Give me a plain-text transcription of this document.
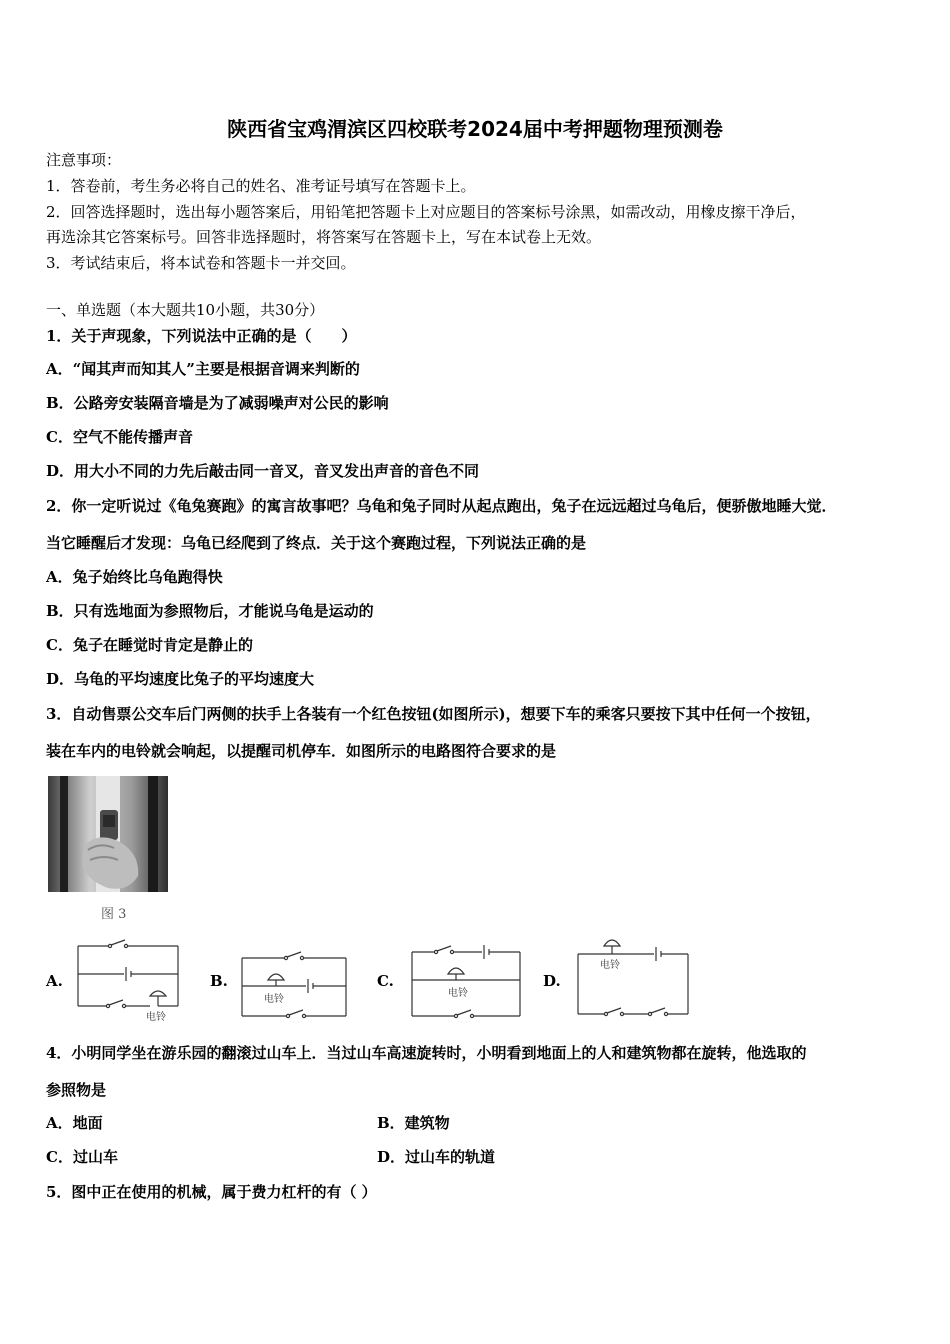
陕西省宝鸡渭滨区四校联考2024届中考押题物理预测卷
注意事项：
1．答卷前，考生务必将自己的姓名、准考证号填写在答题卡上。
2．回答选择题时，选出每小题答案后，用铅笔把答题卡上对应题目的答案标号涂黑，如需改动，用橡皮擦干净后，
再选涂其它答案标号。回答非选择题时，将答案写在答题卡上，写在本试卷上无效。
3．考试结束后，将本试卷和答题卡一并交回。
一、单选题（本大题共10小题，共30分）
1．关于声现象，下列说法中正确的是（　　）
A．“闻其声而知其人”主要是根据音调来判断的
B．公路旁安装隔音墙是为了减弱噪声对公民的影响
C．空气不能传播声音
D．用大小不同的力先后敲击同一音叉，音叉发出声音的音色不同
2．你一定听说过《龟兔赛跑》的寓言故事吧？乌龟和兔子同时从起点跑出，兔子在远远超过乌龟后，便骄傲地睡大觉．
当它睡醒后才发现：乌龟已经爬到了终点．关于这个赛跑过程，下列说法正确的是
A．兔子始终比乌龟跑得快
B．只有选地面为参照物后，才能说乌龟是运动的
C．兔子在睡觉时肯定是静止的
D．乌龟的平均速度比兔子的平均速度大
3．自动售票公交车后门两侧的扶手上各装有一个红色按钮(如图所示)，想要下车的乘客只要按下其中任何一个按钮，
装在车内的电铃就会响起，以提醒司机停车．如图所示的电路图符合要求的是
图 3
A.
电铃
B.
电铃
C.
电铃
D.
电铃
4．小明同学坐在游乐园的翻滚过山车上．当过山车高速旋转时，小明看到地面上的人和建筑物都在旋转，他选取的
参照物是
A．地面	B．建筑物
C．过山车	D．过山车的轨道
5．图中正在使用的机械，属于费力杠杆的有（ ）
